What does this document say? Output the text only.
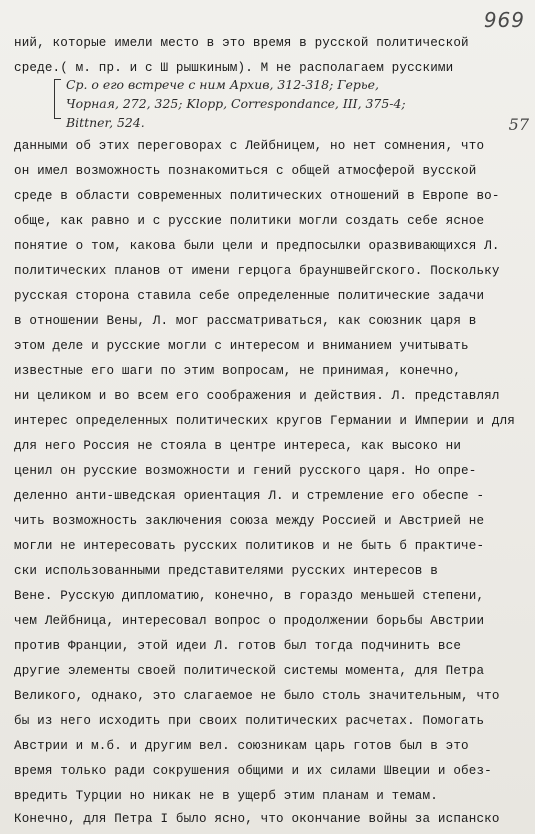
969
57
ний, которые имели место в это время в русской политической
среде.( м. пр. и с Ш рышкиным). М не располагаем русскими
Ср. о его встрече с ним Архив, 312-318; Герье,
Чорная, 272, 325; Klopp, Correspondance, III, 375-4;
Bittner, 524.
данными об этих переговорах с Лейбницем, но нет сомнения, что
он имел возможность познакомиться с общей атмосферой вусской
среде в области современных политических отношений в Европе во-
обще, как равно и с русские политики могли создать себе ясное
понятие о том, какова были цели и предпосылки оразвивающихся Л.
политических планов от имени герцога брауншвейгского. Поскольку
русская сторона ставила себе определенные политические задачи
в отношении Вены, Л. мог рассматриваться, как союзник царя в
этом деле и русские могли с интересом и вниманием учитывать
известные его шаги по этим вопросам, не принимая, конечно,
ни целиком и во всем его соображения и действия. Л. представлял
интерес определенных политических кругов Германии и Империи и для
для него Россия не стояла в центре интереса, как высоко ни
ценил он русские возможности и гений русского царя. Но опре-
деленно анти-шведская ориентация Л. и стремление его обеспе -
чить возможность заключения союза между Россией и Австрией не
могли не интересовать русских политиков и не быть б практиче-
ски использованными представителями русских интересов в
Вене. Русскую дипломатию, конечно, в гораздо меньшей степени,
чем Лейбница, интересовал вопрос о продолжении борьбы Австрии
против Франции, этой идеи Л. готов был тогда подчинить все
другие элементы своей политической системы момента, для Петра
Великого, однако, это слагаемое не было столь значительным, что
бы из него исходить при своих политических расчетах. Помогать
Австрии и м.б. и другим вел. союзникам царь готов был в это
время только ради сокрушения общими и их силами Швеции и обез-
вредить Турции но никак не в ущерб этим планам и темам.
Конечно, для Петра I было ясно, что окончание войны за испанско
